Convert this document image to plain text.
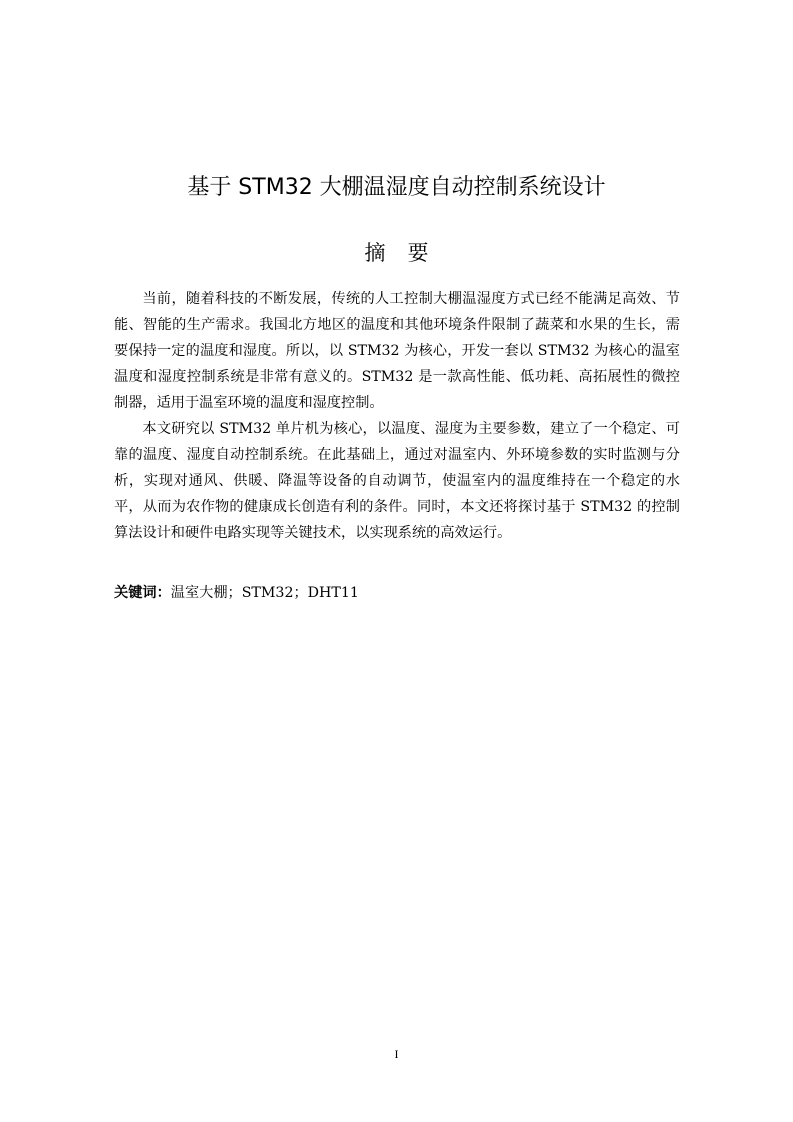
基于 STM32 大棚温湿度自动控制系统设计
摘要

当前，随着科技的不断发展，传统的人工控制大棚温湿度方式已经不能满足高效、节能、智能的生产需求。我国北方地区的温度和其他环境条件限制了蔬菜和水果的生长，需要保持一定的温度和湿度。所以，以 STM32 为核心，开发一套以 STM32 为核心的温室温度和湿度控制系统是非常有意义的。STM32 是一款高性能、低功耗、高拓展性的微控制器，适用于温室环境的温度和湿度控制。

本文研究以 STM32 单片机为核心，以温度、湿度为主要参数，建立了一个稳定、可靠的温度、湿度自动控制系统。在此基础上，通过对温室内、外环境参数的实时监测与分析，实现对通风、供暖、降温等设备的自动调节，使温室内的温度维持在一个稳定的水平，从而为农作物的健康成长创造有利的条件。同时，本文还将探讨基于 STM32 的控制算法设计和硬件电路实现等关键技术，以实现系统的高效运行。

关键词：温室大棚；STM32；DHT11
I
